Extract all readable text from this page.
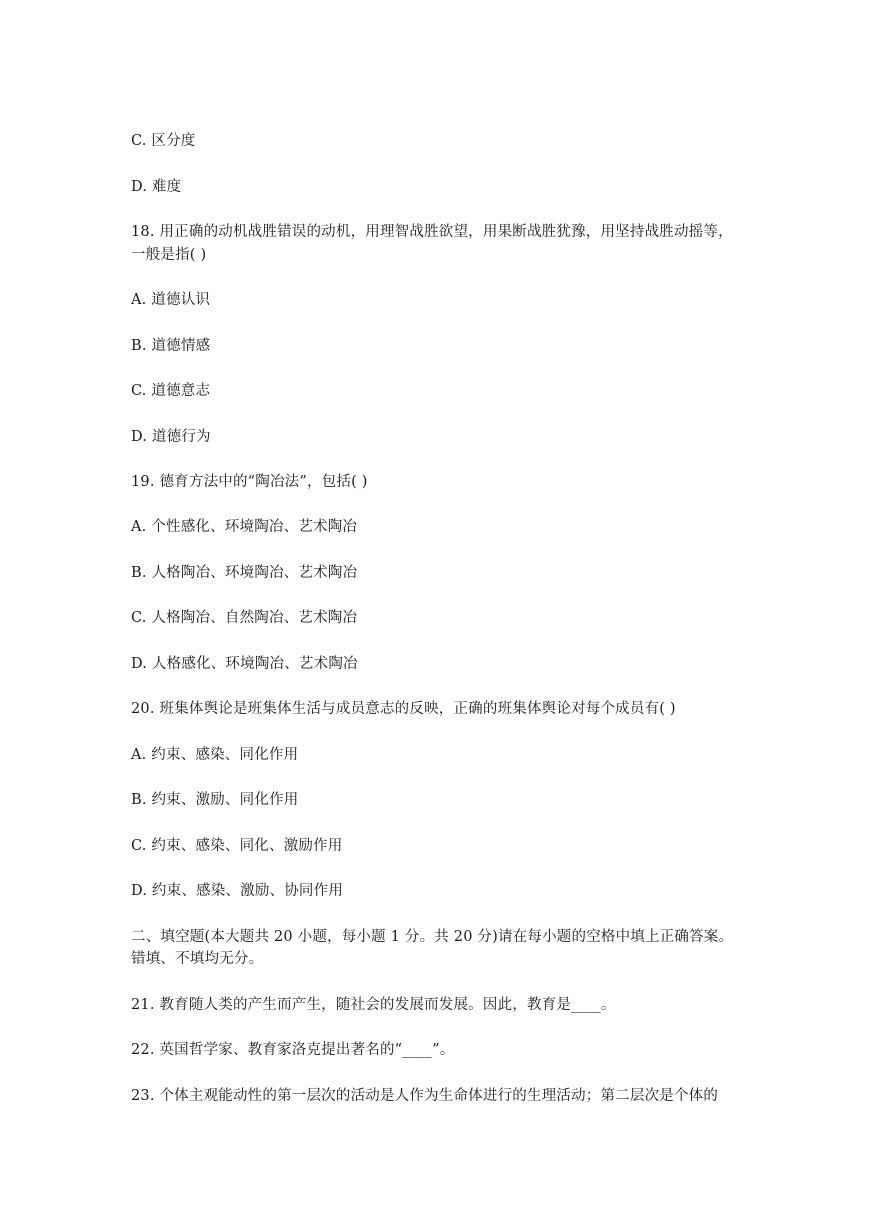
C. 区分度
D. 难度
18. 用正确的动机战胜错误的动机，用理智战胜欲望，用果断战胜犹豫，用坚持战胜动摇等，
一般是指( )
A. 道德认识
B. 道德情感
C. 道德意志
D. 道德行为
19. 德育方法中的“陶冶法”，包括( )
A. 个性感化、环境陶冶、艺术陶冶
B. 人格陶冶、环境陶冶、艺术陶冶
C. 人格陶冶、自然陶冶、艺术陶冶
D. 人格感化、环境陶冶、艺术陶冶
20. 班集体舆论是班集体生活与成员意志的反映，正确的班集体舆论对每个成员有( )
A. 约束、感染、同化作用
B. 约束、激励、同化作用
C. 约束、感染、同化、激励作用
D. 约束、感染、激励、协同作用
二、填空题(本大题共 20 小题，每小题 1 分。共 20 分)请在每小题的空格中填上正确答案。
错填、不填均无分。
21. 教育随人类的产生而产生，随社会的发展而发展。因此，教育是____。
22. 英国哲学家、教育家洛克提出著名的“____”。
23. 个体主观能动性的第一层次的活动是人作为生命体进行的生理活动；第二层次是个体的
